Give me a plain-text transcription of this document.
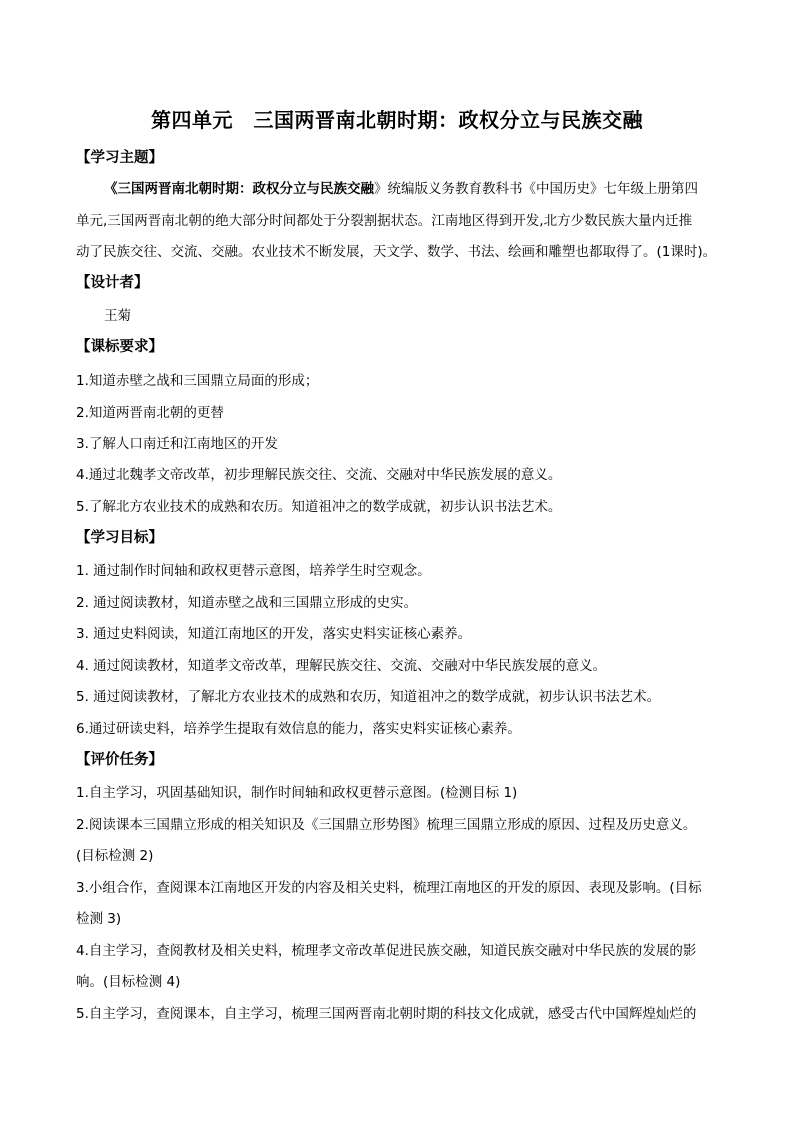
第四单元　三国两晋南北朝时期：政权分立与民族交融
【学习主题】
《三国两晋南北朝时期：政权分立与民族交融》统编版义务教育教科书《中国历史》七年级上册第四
单元,三国两晋南北朝的绝大部分时间都处于分裂割据状态。江南地区得到开发,北方少数民族大量内迁推
动了民族交往、交流、交融。农业技术不断发展，天文学、数学、书法、绘画和雕塑也都取得了。(1课时)。
【设计者】
王菊
【课标要求】
1.知道赤壁之战和三国鼎立局面的形成；
2.知道两晋南北朝的更替
3.了解人口南迁和江南地区的开发
4.通过北魏孝文帝改革，初步理解民族交往、交流、交融对中华民族发展的意义。
5.了解北方农业技术的成熟和农历。知道祖冲之的数学成就，初步认识书法艺术。
【学习目标】
1. 通过制作时间轴和政权更替示意图，培养学生时空观念。
2. 通过阅读教材，知道赤壁之战和三国鼎立形成的史实。
3. 通过史料阅读，知道江南地区的开发，落实史料实证核心素养。
4. 通过阅读教材，知道孝文帝改革，理解民族交往、交流、交融对中华民族发展的意义。
5. 通过阅读教材，了解北方农业技术的成熟和农历，知道祖冲之的数学成就，初步认识书法艺术。
6.通过研读史料，培养学生提取有效信息的能力，落实史料实证核心素养。
【评价任务】
1.自主学习，巩固基础知识，制作时间轴和政权更替示意图。(检测目标 1)
2.阅读课本三国鼎立形成的相关知识及《三国鼎立形势图》梳理三国鼎立形成的原因、过程及历史意义。
(目标检测 2)
3.小组合作，查阅课本江南地区开发的内容及相关史料，梳理江南地区的开发的原因、表现及影响。(目标
检测 3)
4.自主学习，查阅教材及相关史料，梳理孝文帝改革促进民族交融，知道民族交融对中华民族的发展的影
响。(目标检测 4)
5.自主学习，查阅课本，自主学习，梳理三国两晋南北朝时期的科技文化成就，感受古代中国辉煌灿烂的
